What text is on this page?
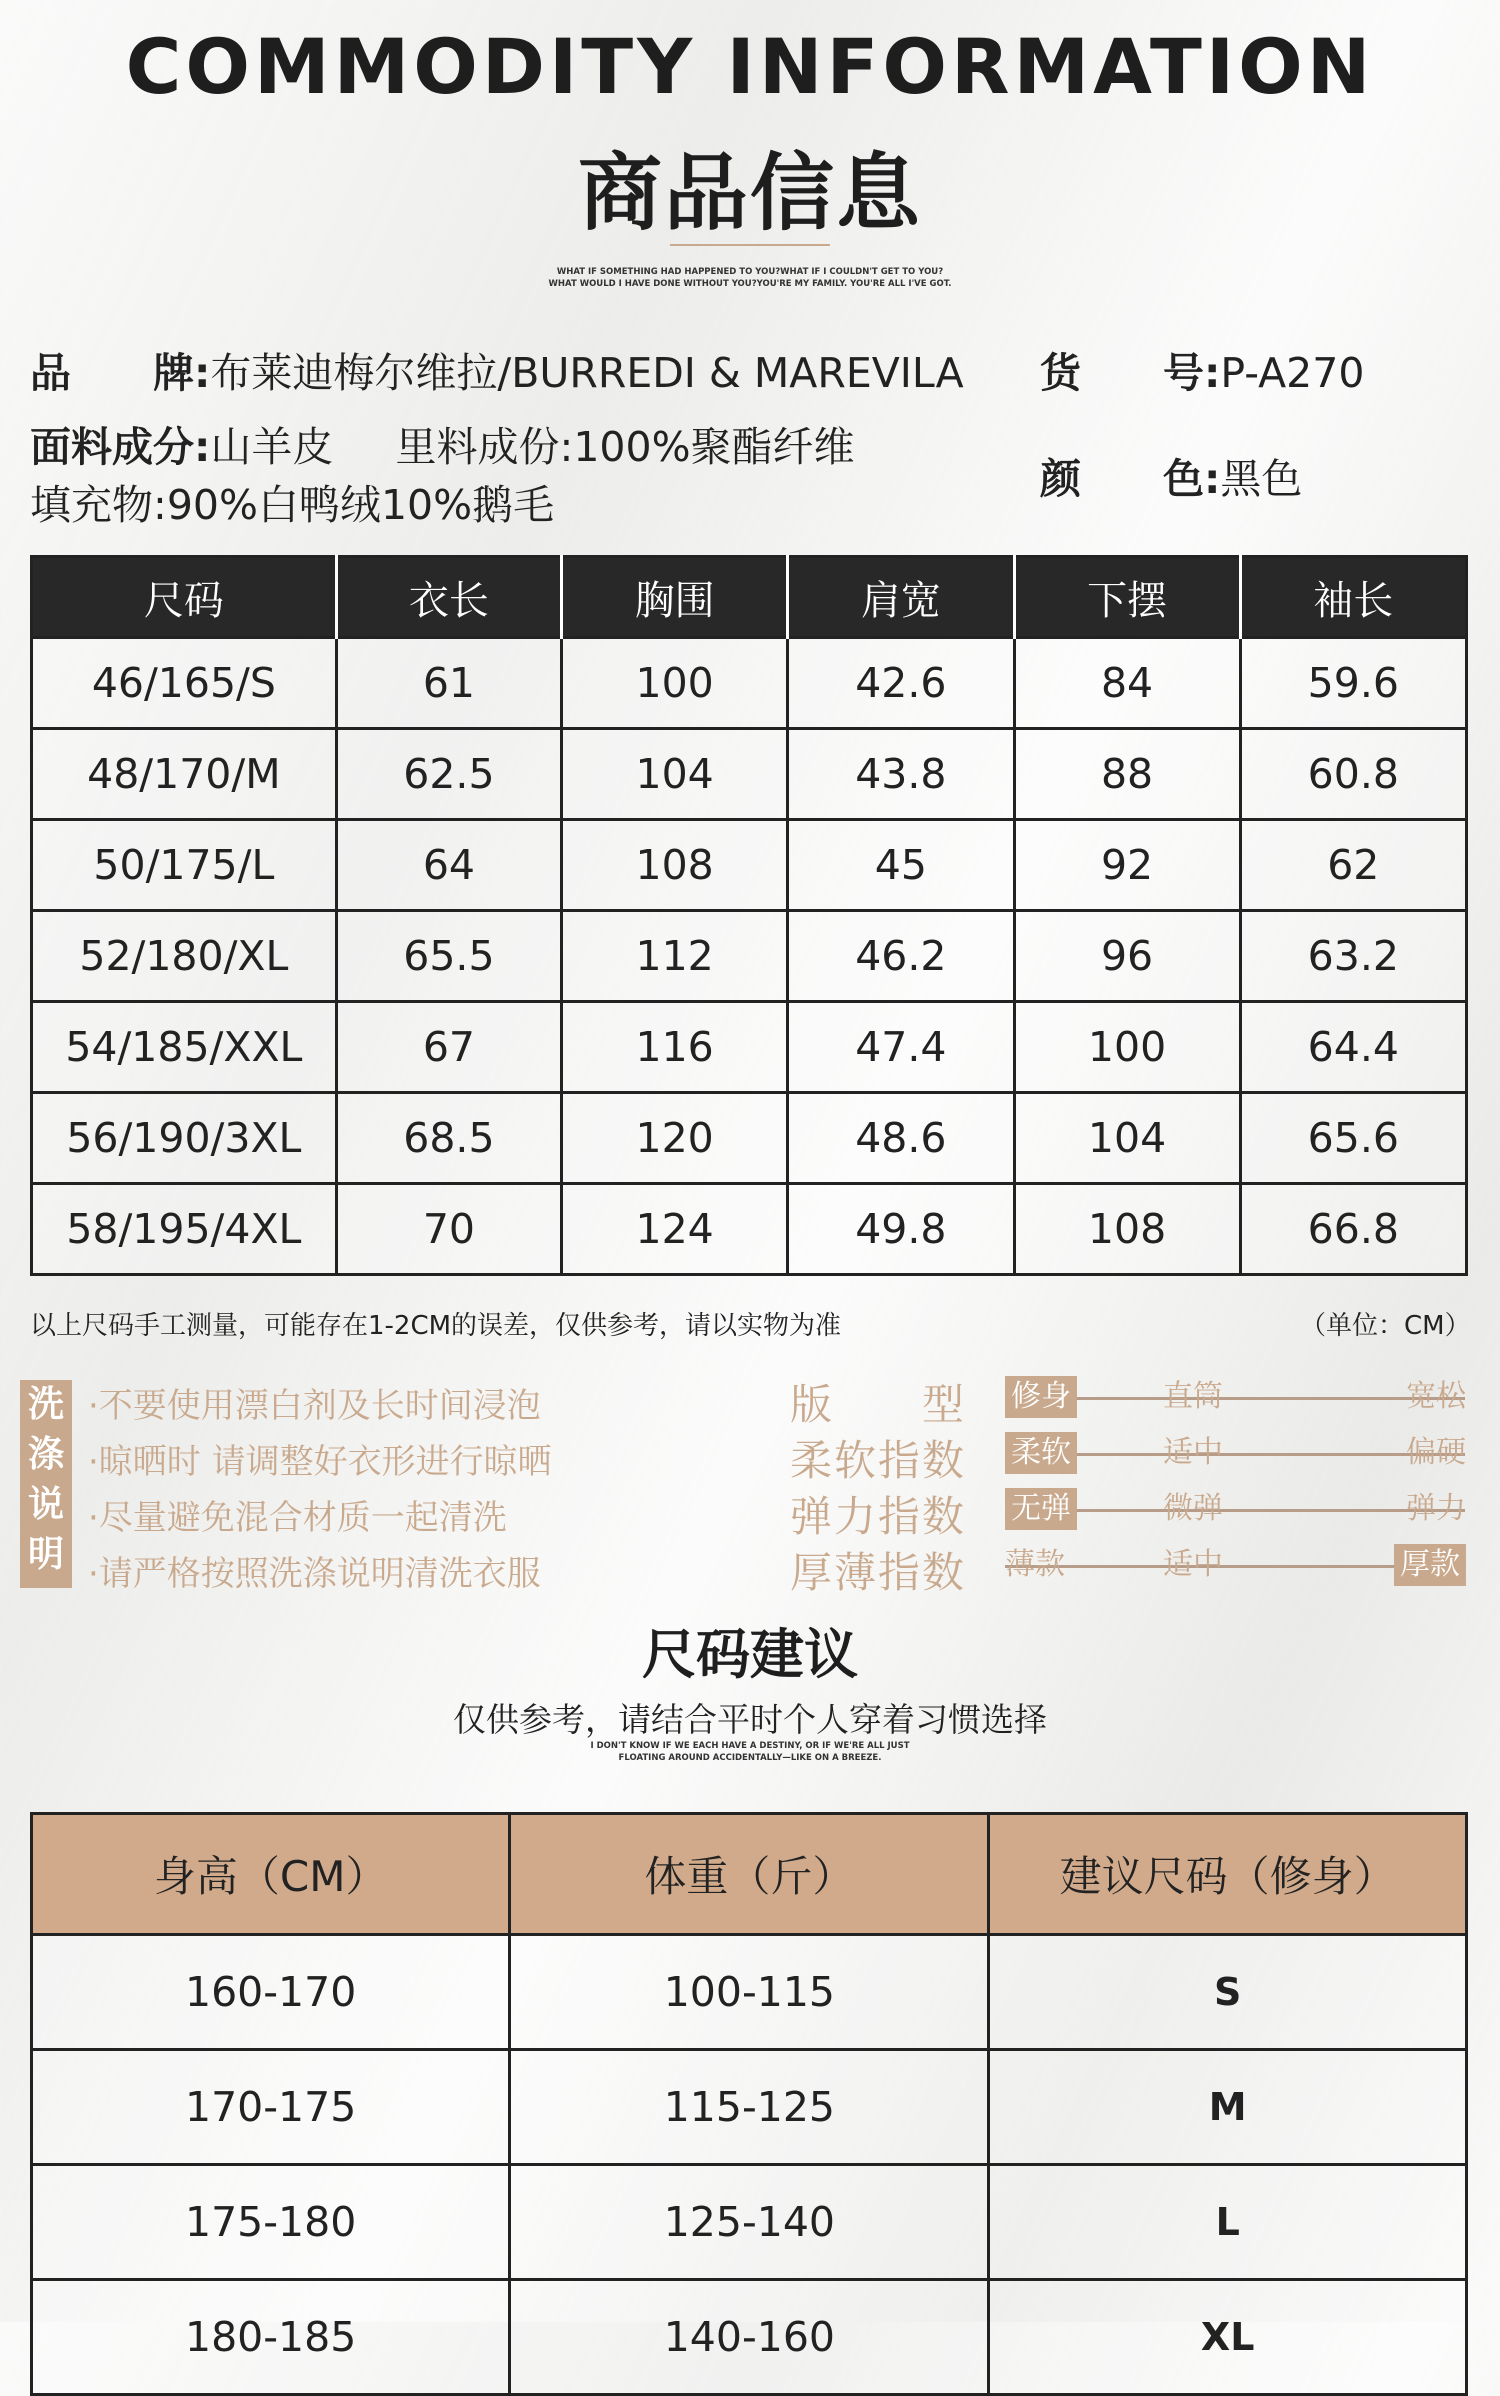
COMMODITY INFORMATION
商品信息
WHAT IF SOMETHING HAD HAPPENED TO YOU?WHAT IF I COULDN'T GET TO YOU?
WHAT WOULD I HAVE DONE WITHOUT YOU?YOU'RE MY FAMILY. YOU'RE ALL I'VE GOT.
品　　牌:布莱迪梅尔维拉/BURREDI & MAREVILA 货　　号:P-A270
面料成分:山羊皮 里料成份:100%聚酯纤维
填充物:90%白鸭绒10%鹅毛
颜　　色:黑色
尺码	衣长	胸围	肩宽	下摆	袖长
46/165/S	61	100	42.6	84	59.6
48/170/M	62.5	104	43.8	88	60.8
50/175/L	64	108	45	92	62
52/180/XL	65.5	112	46.2	96	63.2
54/185/XXL	67	116	47.4	100	64.4
56/190/3XL	68.5	120	48.6	104	65.6
58/195/4XL	70	124	49.8	108	66.8
以上尺码手工测量，可能存在1-2CM的误差，仅供参考，请以实物为准	（单位：CM）
洗涤说明
·不要使用漂白剂及长时间浸泡
·晾晒时 请调整好衣形进行晾晒
·尽量避免混合材质一起清洗
·请严格按照洗涤说明清洗衣服
版　　型 修身	直筒	宽松
柔软指数 柔软	适中	偏硬
弹力指数 无弹	微弹	弹力
厚薄指数 薄款	适中	厚款
尺码建议
仅供参考，请结合平时个人穿着习惯选择
I DON'T KNOW IF WE EACH HAVE A DESTINY, OR IF WE'RE ALL JUST
FLOATING AROUND ACCIDENTALLY—LIKE ON A BREEZE.
身高（CM）	体重（斤）	建议尺码（修身）
160-170	100-115	S
170-175	115-125	M
175-180	125-140	L
180-185	140-160	XL
